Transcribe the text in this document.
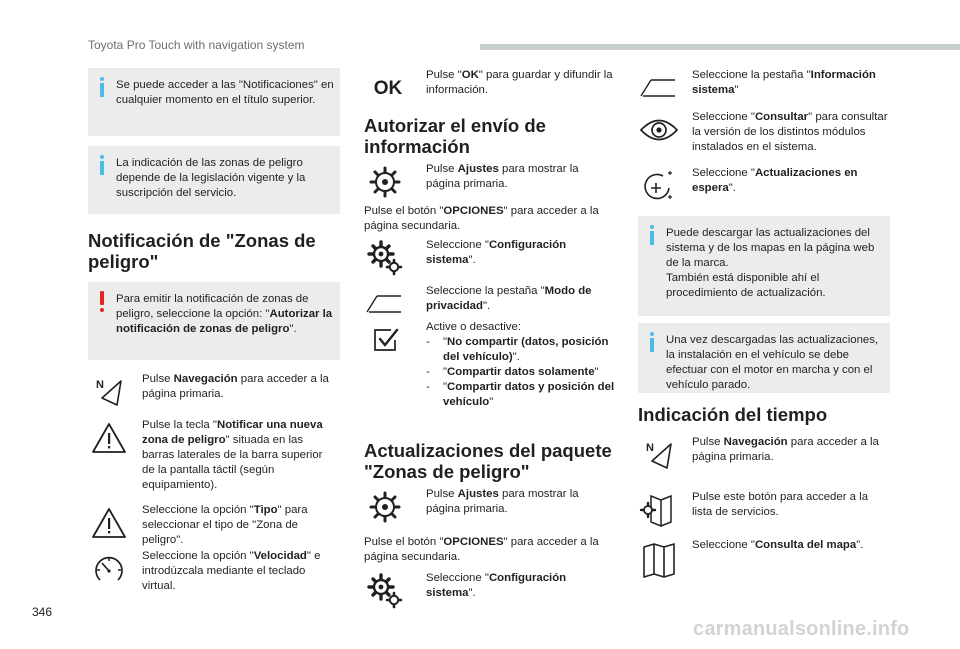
Toyota Pro Touch with navigation system

Se puede acceder a las "Notificaciones" en cualquier momento en el título superior.

La indicación de las zonas de peligro depende de la legislación vigente y la suscripción del servicio.

Notificación de "Zonas de peligro"

Para emitir la notificación de zonas de peligro, seleccione la opción: "Autorizar la notificación de zonas de peligro".

N	Pulse Navegación para acceder a la página primaria.
Pulse la tecla "Notificar una nueva zona de peligro" situada en las barras laterales de la barra superior de la pantalla táctil (según equipamiento).
Seleccione la opción "Tipo" para seleccionar el tipo de "Zona de peligro".
Seleccione la opción "Velocidad" e introdúzcala mediante el teclado virtual.
OK
Pulse "OK" para guardar y difundir la información.
Autorizar el envío de información
Pulse Ajustes para mostrar la página primaria.
Pulse el botón "OPCIONES" para acceder a la página secundaria.
Seleccione "Configuración sistema".
Seleccione la pestaña "Modo de privacidad".
Active o desactive:
- "No compartir (datos, posición del vehículo)".
- "Compartir datos solamente"
- "Compartir datos y posición del vehículo"
Actualizaciones del paquete "Zonas de peligro"
Pulse Ajustes para mostrar la página primaria.
Pulse el botón "OPCIONES" para acceder a la página secundaria.
Seleccione "Configuración sistema".
Seleccione la pestaña "Información sistema"
Seleccione "Consultar" para consultar la versión de los distintos módulos instalados en el sistema.
Seleccione "Actualizaciones en espera".

Puede descargar las actualizaciones del sistema y de los mapas en la página web de la marca.
También está disponible ahí el procedimiento de actualización.

Una vez descargadas las actualizaciones, la instalación en el vehículo se debe efectuar con el motor en marcha y con el vehículo parado.

Indicación del tiempo
N	Pulse Navegación para acceder a la página primaria.
Pulse este botón para acceder a la lista de servicios.
Seleccione "Consulta del mapa".
346
carmanualsonline.info
